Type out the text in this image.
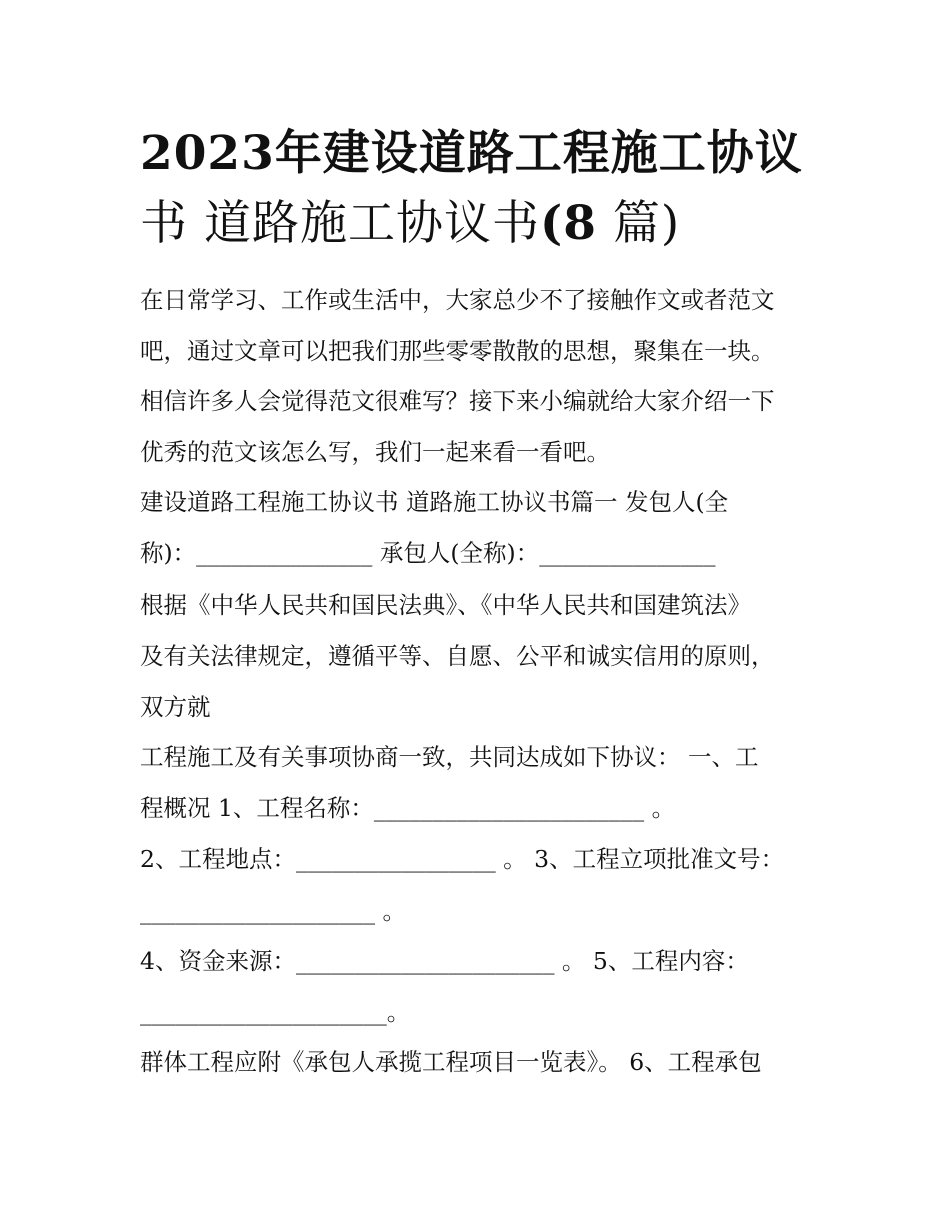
2023年建设道路工程施工协议
书 道路施工协议书(8 篇)
在日常学习、工作或生活中，大家总少不了接触作文或者范文
吧，通过文章可以把我们那些零零散散的思想，聚集在一块。
相信许多人会觉得范文很难写？接下来小编就给大家介绍一下
优秀的范文该怎么写，我们一起来看一看吧。
建设道路工程施工协议书 道路施工协议书篇一 发包人(全
称)：_______________ 承包人(全称)：_______________
根据《中华人民共和国民法典》、《中华人民共和国建筑法》
及有关法律规定，遵循平等、自愿、公平和诚实信用的原则，
双方就
工程施工及有关事项协商一致，共同达成如下协议： 一、工
程概况 1、工程名称：_______________________ 。
2、工程地点：_________________ 。 3、工程立项批准文号：
____________________ 。
4、资金来源：______________________ 。 5、工程内容：
_____________________。
群体工程应附《承包人承揽工程项目一览表》。 6、工程承包
